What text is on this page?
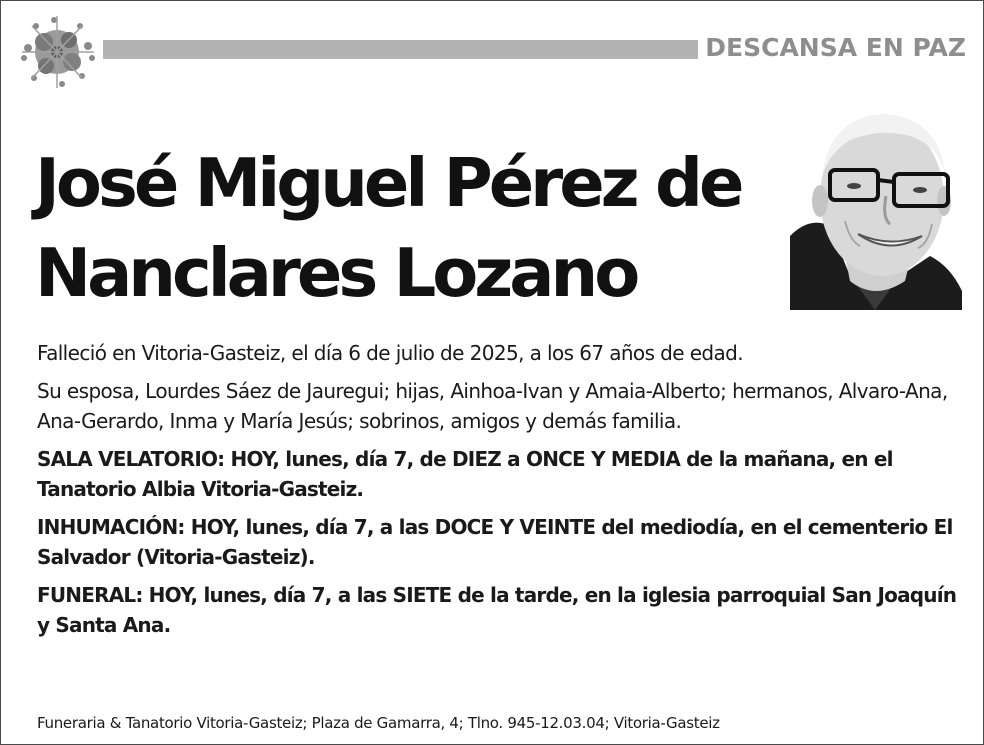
DESCANSA EN PAZ
José Miguel Pérez de
Nanclares Lozano

Falleció en Vitoria-Gasteiz, el día 6 de julio de 2025, a los 67 años de edad.

Su esposa, Lourdes Sáez de Jauregui; hijas, Ainhoa-Ivan y Amaia-Alberto; hermanos, Alvaro-Ana, Ana-Gerardo, Inma y María Jesús; sobrinos, amigos y demás familia.

SALA VELATORIO: HOY, lunes, día 7, de DIEZ a ONCE Y MEDIA de la mañana, en el Tanatorio Albia Vitoria-Gasteiz.

INHUMACIÓN: HOY, lunes, día 7, a las DOCE Y VEINTE del mediodía, en el cementerio El Salvador (Vitoria-Gasteiz).

FUNERAL: HOY, lunes, día 7, a las SIETE de la tarde, en la iglesia parroquial San Joaquín y Santa Ana.

Funeraria & Tanatorio Vitoria-Gasteiz; Plaza de Gamarra, 4; Tlno. 945-12.03.04; Vitoria-Gasteiz
